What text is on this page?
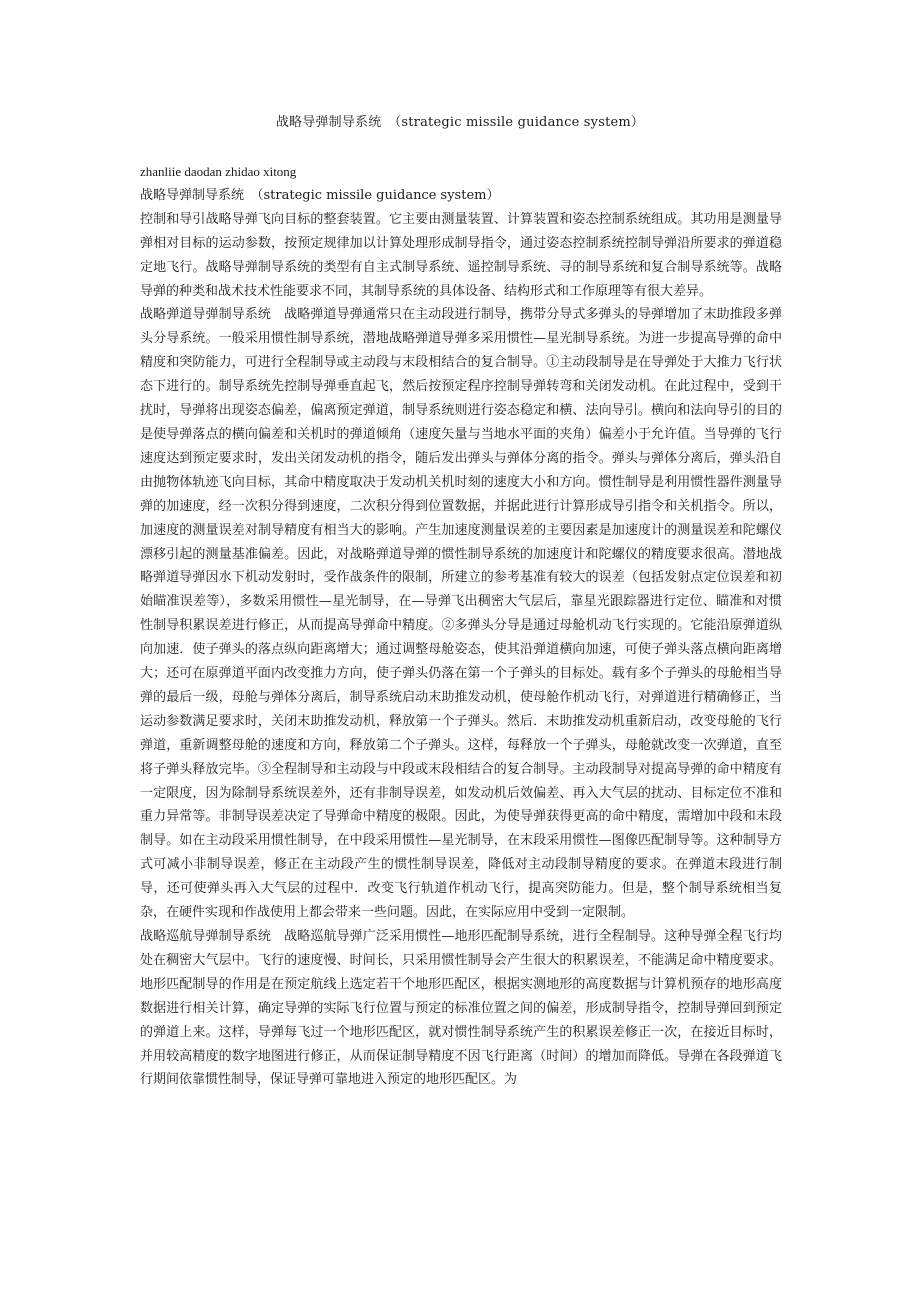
战略导弹制导系统　（strategic missile guidance system）

zhanliie daodan zhidao xitong

战略导弹制导系统　（strategic missile guidance system）

控制和导引战略导弹飞向目标的整套装置。它主要由测量装置、计算装置和姿态控制系统组成。其功用是测量导弹相对目标的运动参数，按预定规律加以计算处理形成制导指令，通过姿态控制系统控制导弹沿所要求的弹道稳定地飞行。战略导弹制导系统的类型有自主式制导系统、遥控制导系统、寻的制导系统和复合制导系统等。战略导弹的种类和战术技术性能要求不同，其制导系统的具体设备、结构形式和工作原理等有很大差异。

战略弹道导弹制导系统　战略弹道导弹通常只在主动段进行制导，携带分导式多弹头的导弹增加了末助推段多弹头分导系统。一般采用惯性制导系统，潜地战略弹道导弹多采用惯性—星光制导系统。为进一步提高导弹的命中精度和突防能力，可进行全程制导或主动段与末段相结合的复合制导。①主动段制导是在导弹处于大推力飞行状态下进行的。制导系统先控制导弹垂直起飞，然后按预定程序控制导弹转弯和关闭发动机。在此过程中，受到干扰时，导弹将出现姿态偏差，偏离预定弹道，制导系统则进行姿态稳定和横、法向导引。横向和法向导引的目的是使导弹落点的横向偏差和关机时的弹道倾角（速度矢量与当地水平面的夹角）偏差小于允许值。当导弹的飞行速度达到预定要求时，发出关闭发动机的指令，随后发出弹头与弹体分离的指令。弹头与弹体分离后，弹头沿自由抛物体轨迹飞向目标，其命中精度取决于发动机关机时刻的速度大小和方向。惯性制导是利用惯性器件测量导弹的加速度，经一次积分得到速度，二次积分得到位置数据，并据此进行计算形成导引指令和关机指令。所以，加速度的测量误差对制导精度有相当大的影响。产生加速度测量误差的主要因素是加速度计的测量误差和陀螺仪漂移引起的测量基准偏差。因此，对战略弹道导弹的惯性制导系统的加速度计和陀螺仪的精度要求很高。潜地战略弹道导弹因水下机动发射时，受作战条件的限制，所建立的参考基准有较大的误差（包括发射点定位误差和初始瞄准误差等），多数采用惯性—星光制导，在—导弹飞出稠密大气层后，靠星光跟踪器进行定位、瞄准和对惯性制导积累误差进行修正，从而提高导弹命中精度。②多弹头分导是通过母舱机动飞行实现的。它能沿原弹道纵向加速．使子弹头的落点纵向距离增大；通过调整母舱姿态，使其沿弹道横向加速，可使子弹头落点横向距离增大；还可在原弹道平面内改变推力方向，使子弹头仍落在第一个子弹头的目标处。载有多个子弹头的母舱相当导弹的最后一级，母舱与弹体分离后，制导系统启动末助推发动机，使母舱作机动飞行，对弹道进行精确修正，当运动参数满足要求时，关闭末助推发动机，释放第一个子弹头。然后．末助推发动机重新启动，改变母舱的飞行弹道，重新调整母舱的速度和方向，释放第二个子弹头。这样，每释放一个子弹头，母舱就改变一次弹道，直至将子弹头释放完毕。③全程制导和主动段与中段或末段相结合的复合制导。主动段制导对提高导弹的命中精度有一定限度，因为除制导系统误差外，还有非制导误差，如发动机后效偏差、再入大气层的扰动、目标定位不准和重力异常等。非制导误差决定了导弹命中精度的极限。因此，为使导弹获得更高的命中精度，需增加中段和末段制导。如在主动段采用惯性制导，在中段采用惯性—星光制导，在末段采用惯性—图像匹配制导等。这种制导方式可减小非制导误差，修正在主动段产生的惯性制导误差，降低对主动段制导精度的要求。在弹道末段进行制导，还可使弹头再入大气层的过程中．改变飞行轨道作机动飞行，提高突防能力。但是，整个制导系统相当复杂，在硬件实现和作战使用上都会带来一些问题。因此，在实际应用中受到一定限制。

战略巡航导弹制导系统　战略巡航导弹广泛采用惯性—地形匹配制导系统，进行全程制导。这种导弹全程飞行均处在稠密大气层中。飞行的速度慢、时间长，只采用惯性制导会产生很大的积累误差，不能满足命中精度要求。地形匹配制导的作用是在预定航线上选定若干个地形匹配区，根据实测地形的高度数据与计算机预存的地形高度数据进行相关计算，确定导弹的实际飞行位置与预定的标准位置之间的偏差，形成制导指令，控制导弹回到预定的弹道上来。这样，导弹每飞过一个地形匹配区，就对惯性制导系统产生的积累误差修正一次，在接近目标时，并用较高精度的数字地图进行修正，从而保证制导精度不因飞行距离（时间）的增加而降低。导弹在各段弹道飞行期间依靠惯性制导，保证导弹可靠地进入预定的地形匹配区。为
